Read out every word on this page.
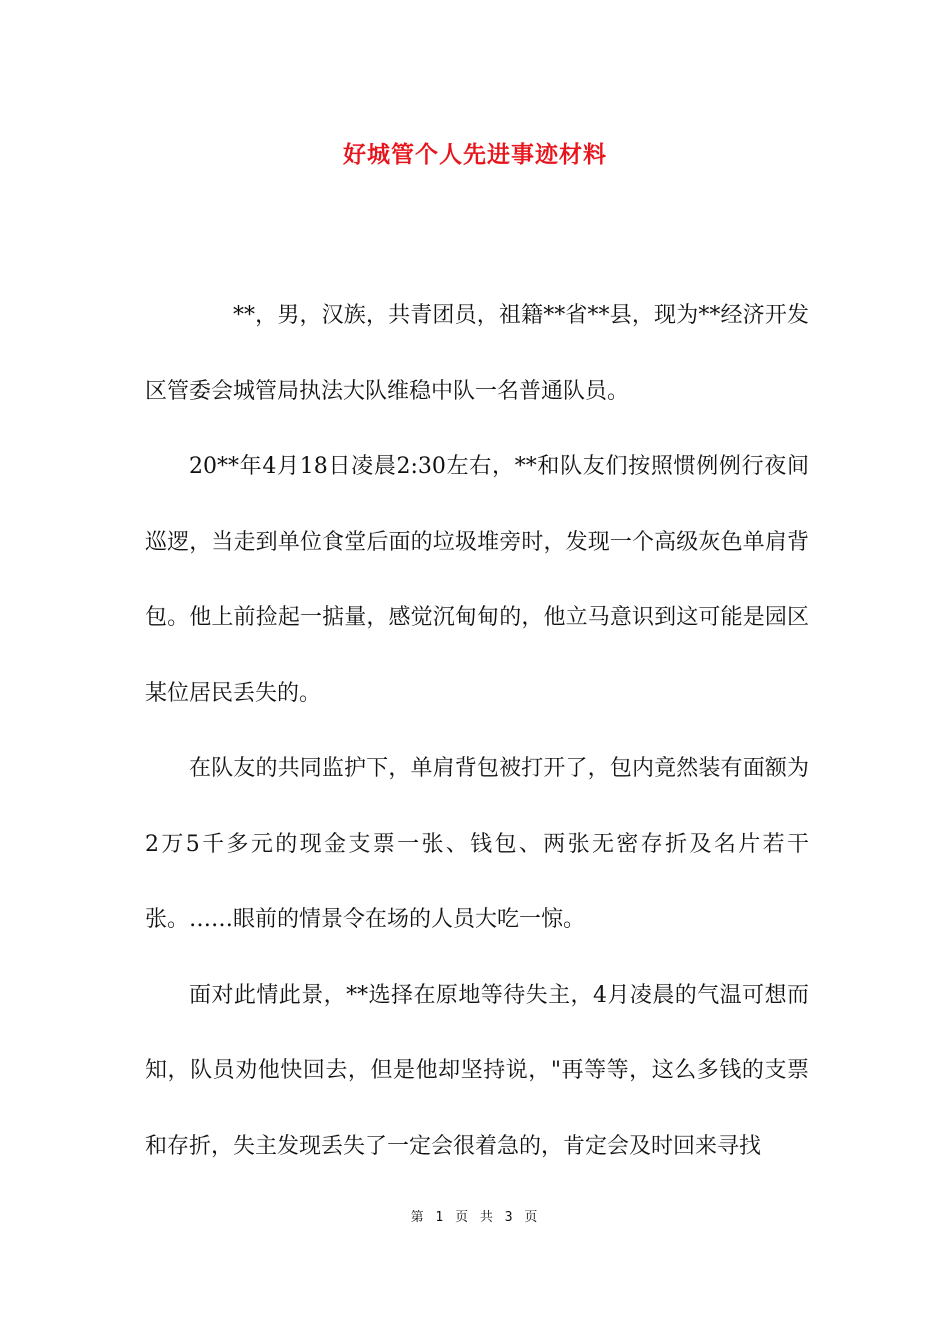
好城管个人先进事迹材料

**，男，汉族，共青团员，祖籍**省**县，现为**经济开发区管委会城管局执法大队维稳中队一名普通队员。

20**年4月18日凌晨2:30左右，**和队友们按照惯例例行夜间巡逻，当走到单位食堂后面的垃圾堆旁时，发现一个高级灰色单肩背包。他上前捡起一掂量，感觉沉甸甸的，他立马意识到这可能是园区某位居民丢失的。

在队友的共同监护下，单肩背包被打开了，包内竟然装有面额为2万5千多元的现金支票一张、钱包、两张无密存折及名片若干张。……眼前的情景令在场的人员大吃一惊。

面对此情此景，**选择在原地等待失主，4月凌晨的气温可想而知，队员劝他快回去，但是他却坚持说，"再等等，这么多钱的支票和存折，失主发现丢失了一定会很着急的，肯定会及时回来寻找

第 1 页 共 3 页
